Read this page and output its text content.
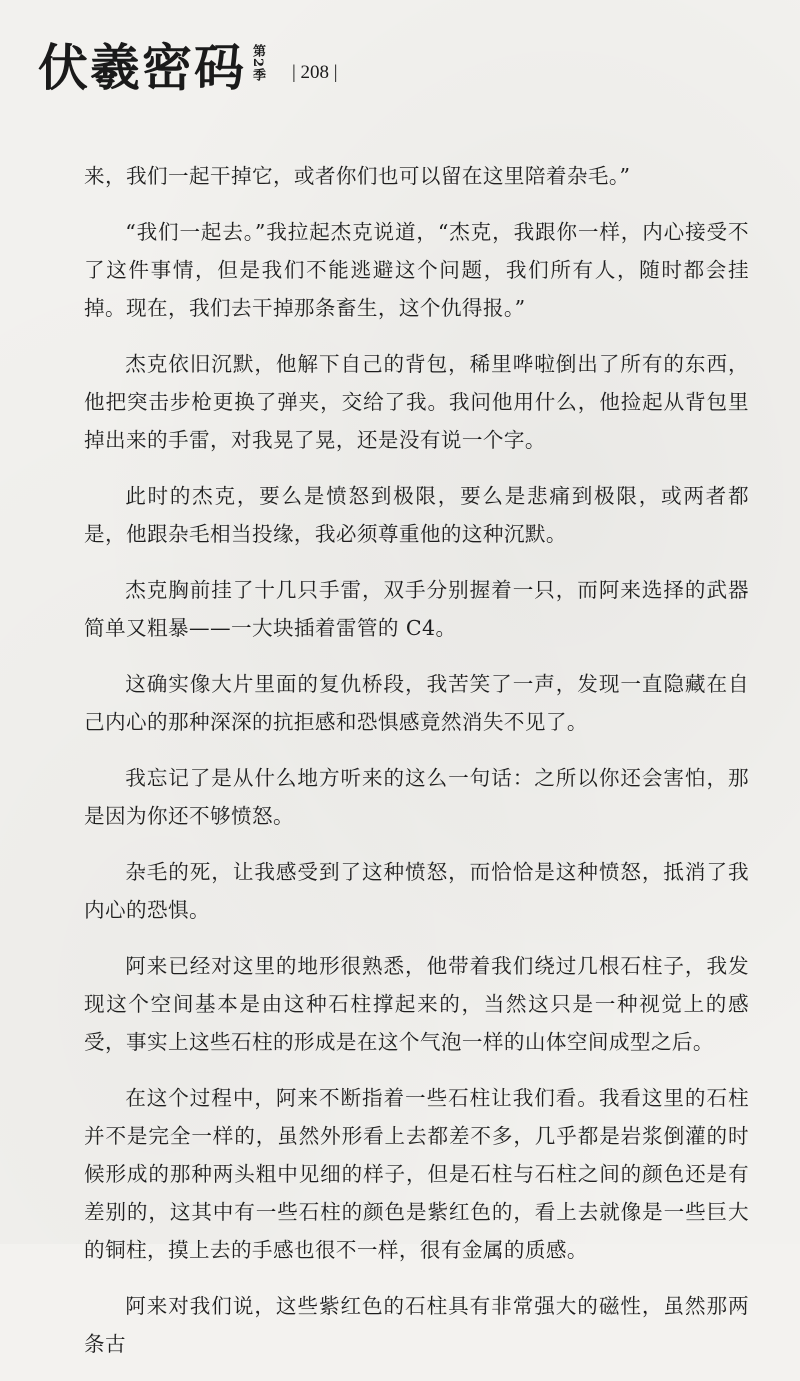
伏羲密码 第2季 | 208 |

来，我们一起干掉它，或者你们也可以留在这里陪着杂毛。”

“我们一起去。”我拉起杰克说道，“杰克，我跟你一样，内心接受不了这件事情，但是我们不能逃避这个问题，我们所有人，随时都会挂掉。现在，我们去干掉那条畜生，这个仇得报。”

杰克依旧沉默，他解下自己的背包，稀里哗啦倒出了所有的东西，他把突击步枪更换了弹夹，交给了我。我问他用什么，他捡起从背包里掉出来的手雷，对我晃了晃，还是没有说一个字。

此时的杰克，要么是愤怒到极限，要么是悲痛到极限，或两者都是，他跟杂毛相当投缘，我必须尊重他的这种沉默。

杰克胸前挂了十几只手雷，双手分别握着一只，而阿来选择的武器简单又粗暴——一大块插着雷管的 C4。

这确实像大片里面的复仇桥段，我苦笑了一声，发现一直隐藏在自己内心的那种深深的抗拒感和恐惧感竟然消失不见了。

我忘记了是从什么地方听来的这么一句话：之所以你还会害怕，那是因为你还不够愤怒。

杂毛的死，让我感受到了这种愤怒，而恰恰是这种愤怒，抵消了我内心的恐惧。

阿来已经对这里的地形很熟悉，他带着我们绕过几根石柱子，我发现这个空间基本是由这种石柱撑起来的，当然这只是一种视觉上的感受，事实上这些石柱的形成是在这个气泡一样的山体空间成型之后。

在这个过程中，阿来不断指着一些石柱让我们看。我看这里的石柱并不是完全一样的，虽然外形看上去都差不多，几乎都是岩浆倒灌的时候形成的那种两头粗中见细的样子，但是石柱与石柱之间的颜色还是有差别的，这其中有一些石柱的颜色是紫红色的，看上去就像是一些巨大的铜柱，摸上去的手感也很不一样，很有金属的质感。

阿来对我们说，这些紫红色的石柱具有非常强大的磁性，虽然那两条古
